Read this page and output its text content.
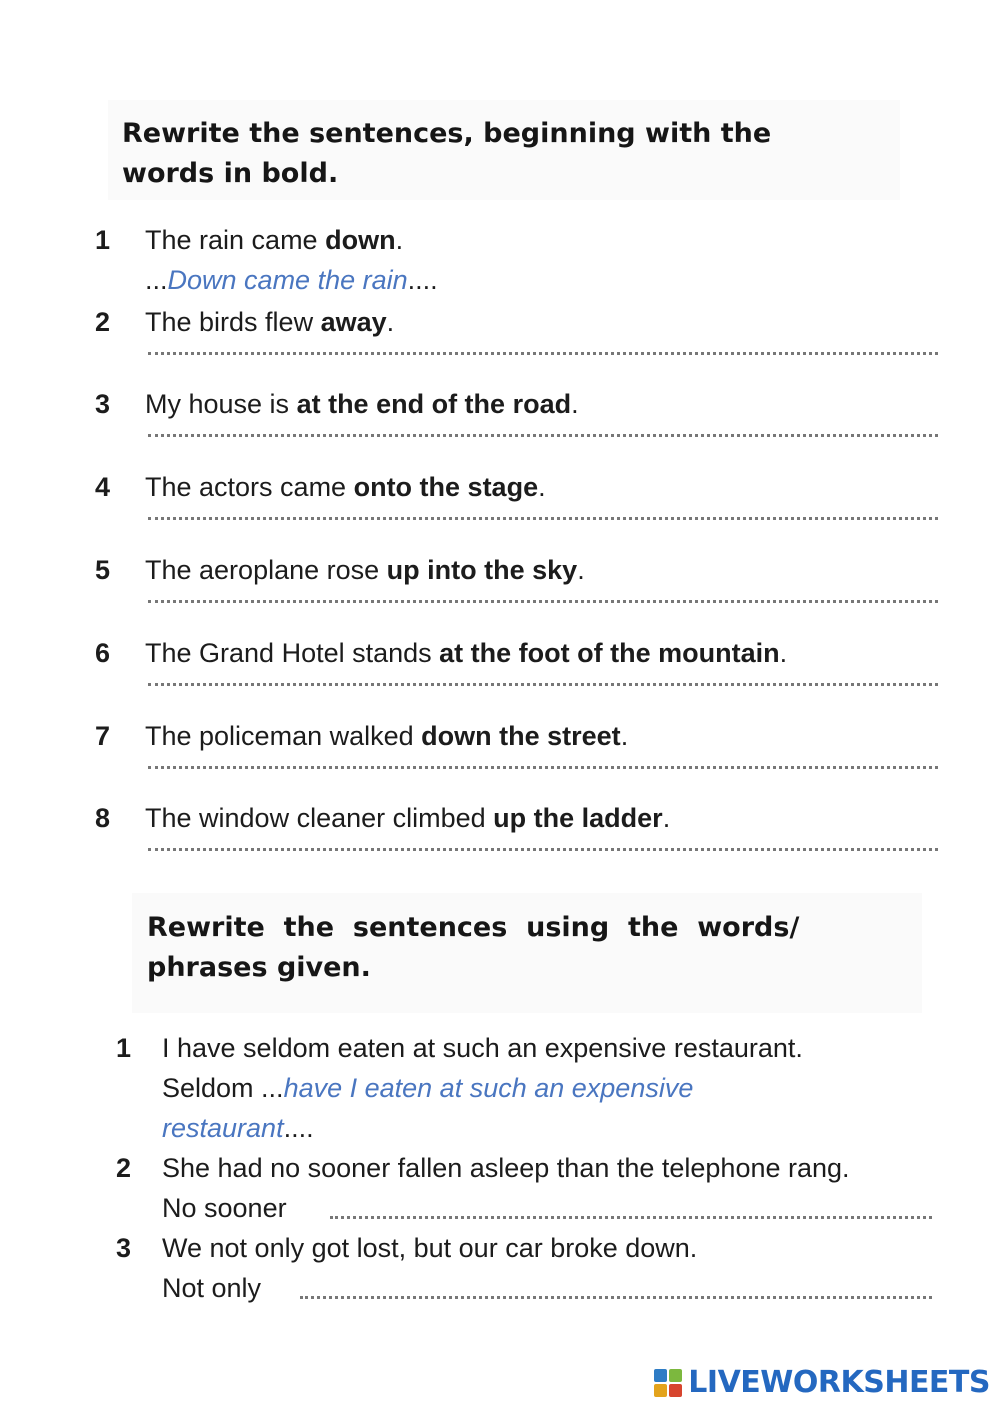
Rewrite the sentences, beginning with the
words in bold.
1 The rain came down.
...Down came the rain....
2 The birds flew away.
3 My house is at the end of the road.
4 The actors came onto the stage.
5 The aeroplane rose up into the sky.
6 The Grand Hotel stands at the foot of the mountain.
7 The policeman walked down the street.
8 The window cleaner climbed up the ladder.
Rewrite  the  sentences  using  the  words/
phrases given.
1 I have seldom eaten at such an expensive restaurant.
Seldom ...have I eaten at such an expensive
restaurant....
2 She had no sooner fallen asleep than the telephone rang.
No sooner
3 We not only got lost, but our car broke down.
Not only
LIVEWORKSHEETS
